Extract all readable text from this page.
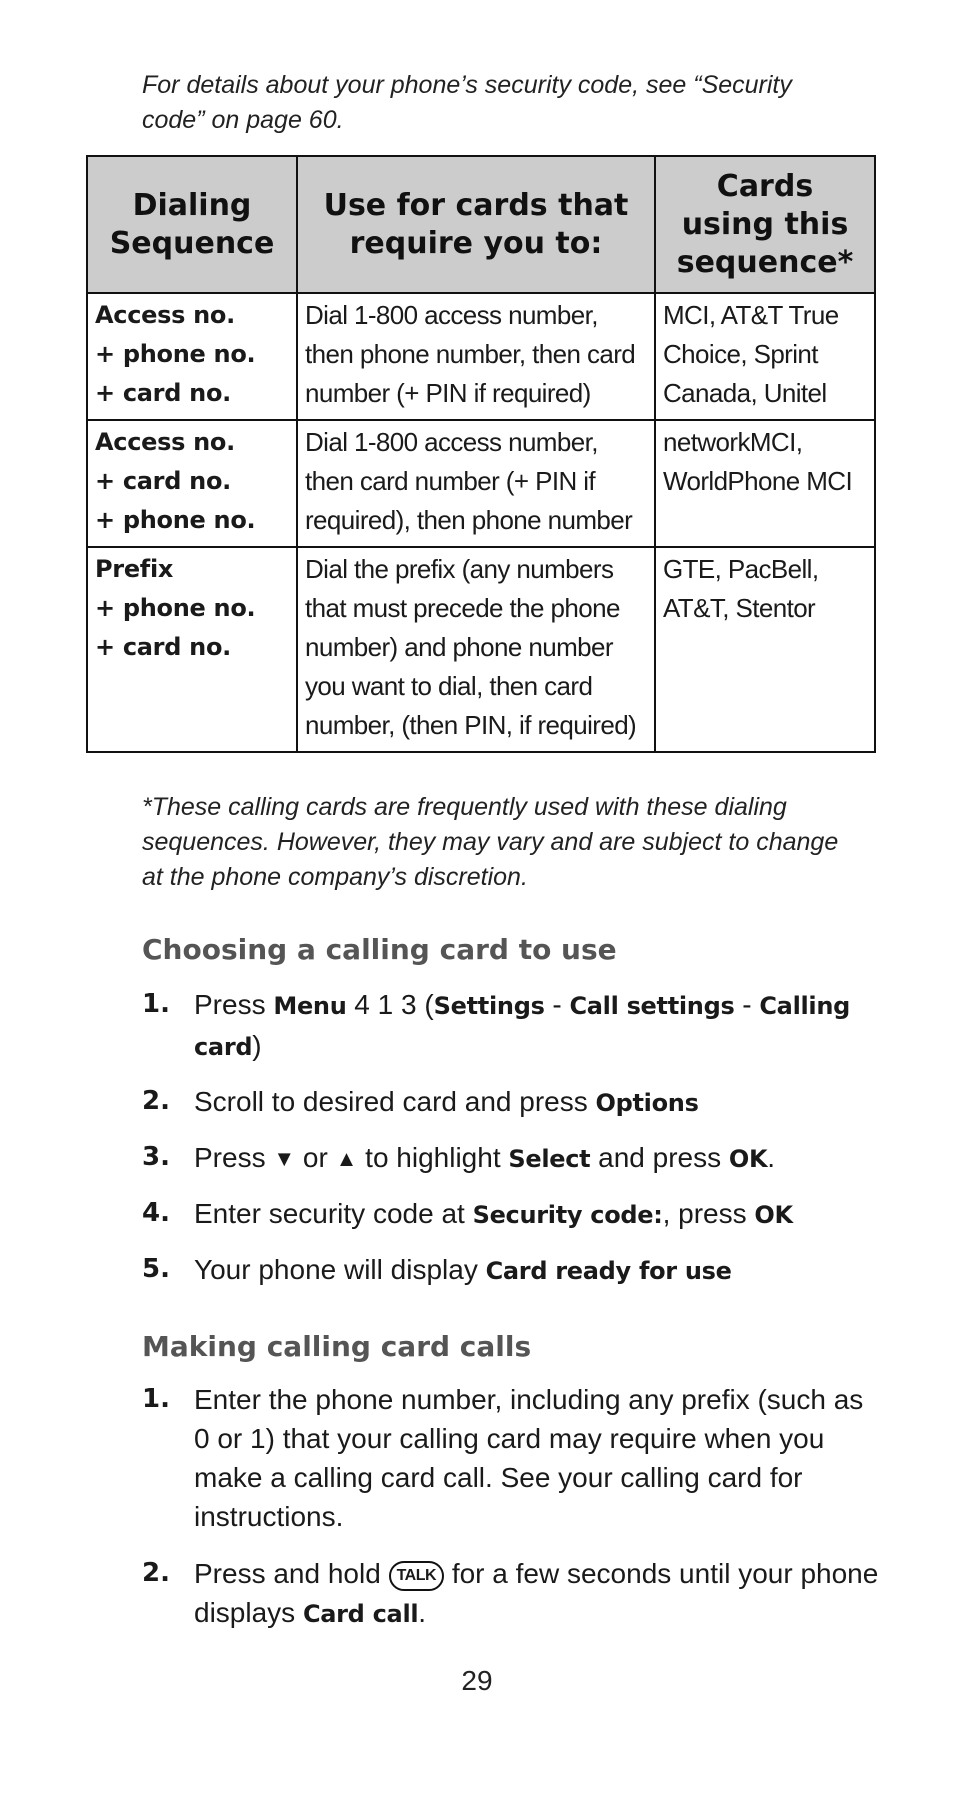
For details about your phone’s security code, see “Security
code” on page 60.

Dialing
Sequence	Use for cards that
require you to:	Cards
using this
sequence*

Access no.
+ phone no.
+ card no.	Dial 1-800 access number,
then phone number, then card
number (+ PIN if required)	MCI, AT&T True
Choice, Sprint
Canada, Unitel

Access no.
+ card no.
+ phone no.	Dial 1-800 access number,
then card number (+ PIN if
required), then phone number	networkMCI,
WorldPhone MCI

Prefix
+ phone no.
+ card no.	Dial the prefix (any numbers
that must precede the phone
number) and phone number
you want to dial, then card
number, (then PIN, if required)	GTE, PacBell,
AT&T, Stentor

*These calling cards are frequently used with these dialing
sequences. However, they may vary and are subject to change
at the phone company’s discretion.

Choosing a calling card to use
1. Press Menu 4 1 3 (Settings - Call settings - Calling card)
2. Scroll to desired card and press Options
3. Press ▼ or ▲ to highlight Select and press OK.
4. Enter security code at Security code:, press OK
5. Your phone will display Card ready for use
Making calling card calls
1. Enter the phone number, including any prefix (such as 0 or 1) that your calling card may require when you make a calling card call. See your calling card for instructions.
2. Press and hold TALK for a few seconds until your phone displays Card call.
29
